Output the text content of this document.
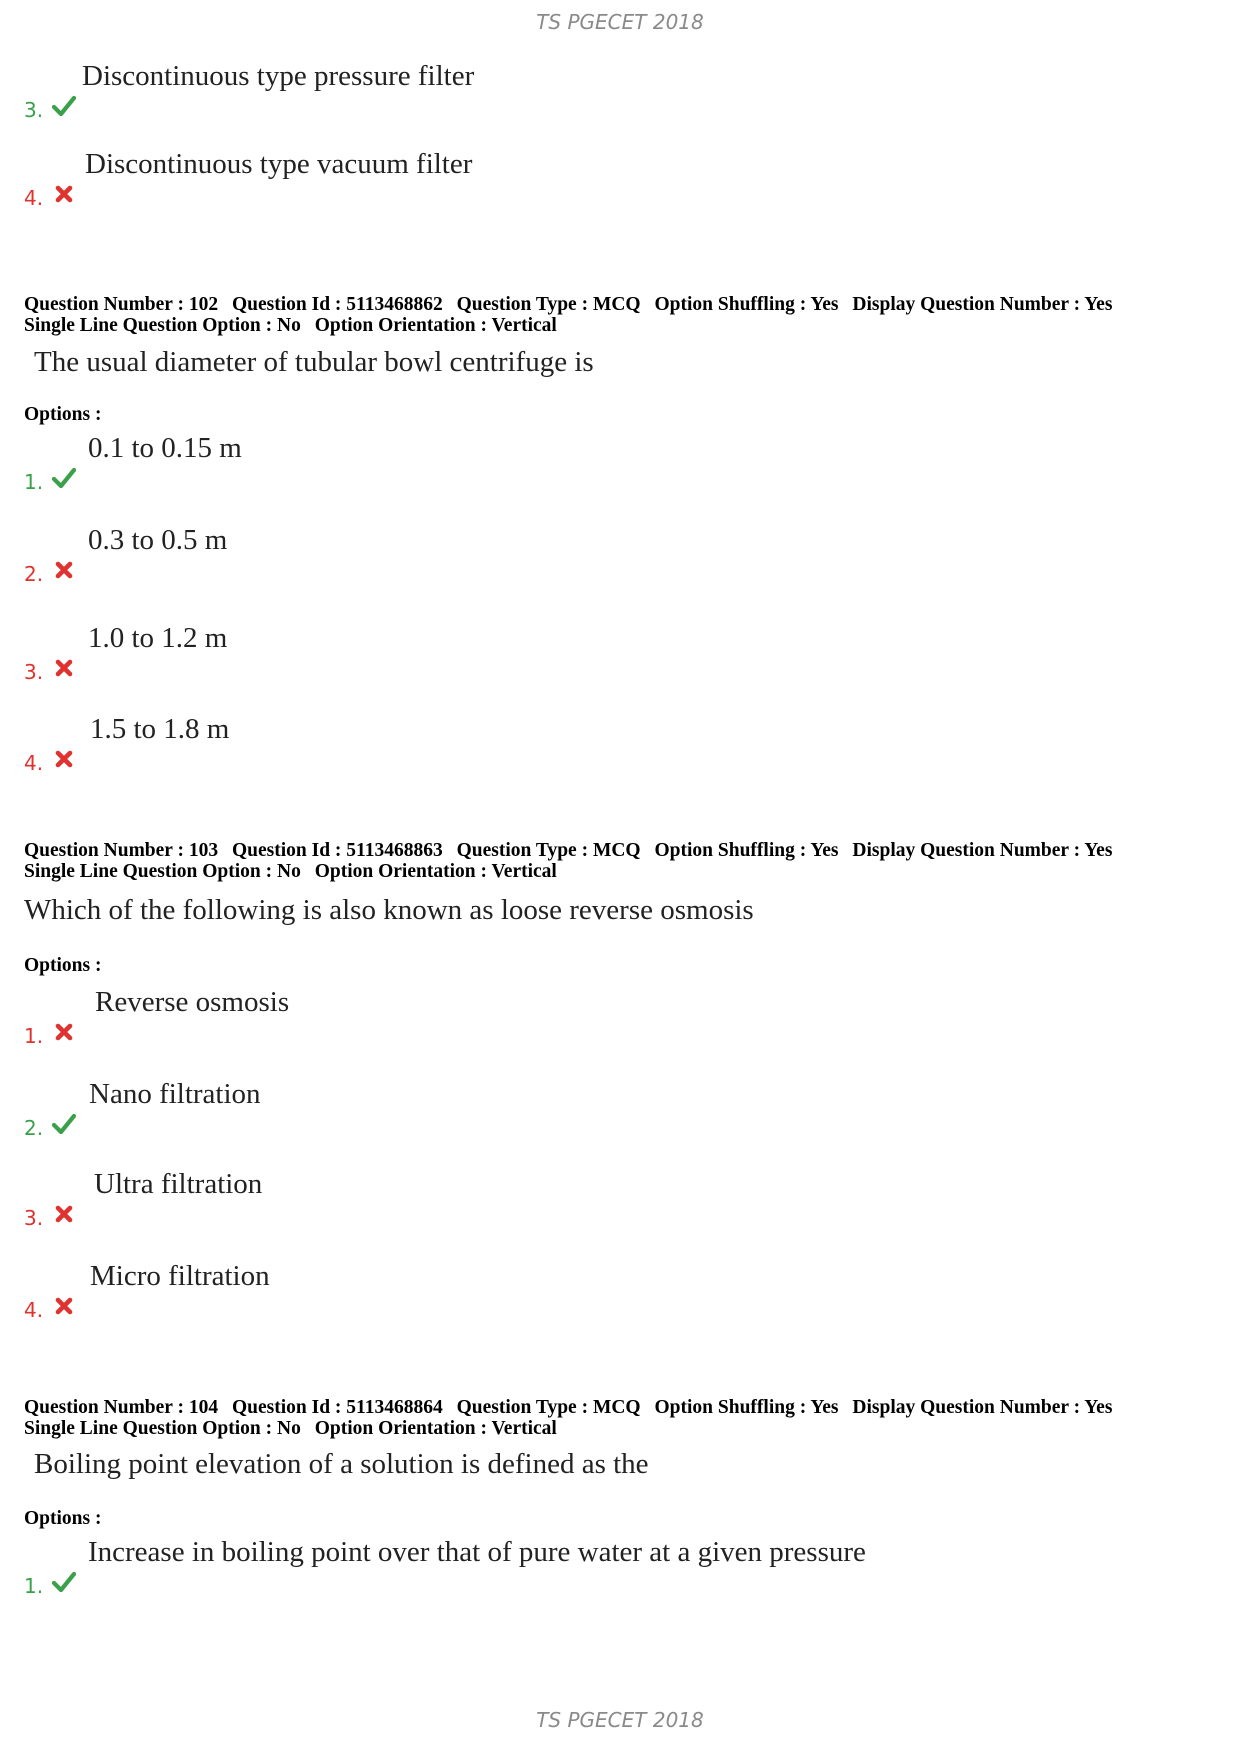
TS PGECET 2018
3.
Discontinuous type pressure filter
4.
Discontinuous type vacuum filter
Question Number : 102 Question Id : 5113468862 Question Type : MCQ Option Shuffling : Yes Display Question Number : Yes
Single Line Question Option : No Option Orientation : Vertical
The usual diameter of tubular bowl centrifuge is
Options :
1.
0.1 to 0.15 m
2.
0.3 to 0.5 m
3.
1.0 to 1.2 m
4.
1.5 to 1.8 m
Question Number : 103 Question Id : 5113468863 Question Type : MCQ Option Shuffling : Yes Display Question Number : Yes
Single Line Question Option : No Option Orientation : Vertical
Which of the following is also known as loose reverse osmosis
Options :
1.
Reverse osmosis
2.
Nano filtration
3.
Ultra filtration
4.
Micro filtration
Question Number : 104 Question Id : 5113468864 Question Type : MCQ Option Shuffling : Yes Display Question Number : Yes
Single Line Question Option : No Option Orientation : Vertical
Boiling point elevation of a solution is defined as the
Options :
1.
Increase in boiling point over that of pure water at a given pressure
TS PGECET 2018
